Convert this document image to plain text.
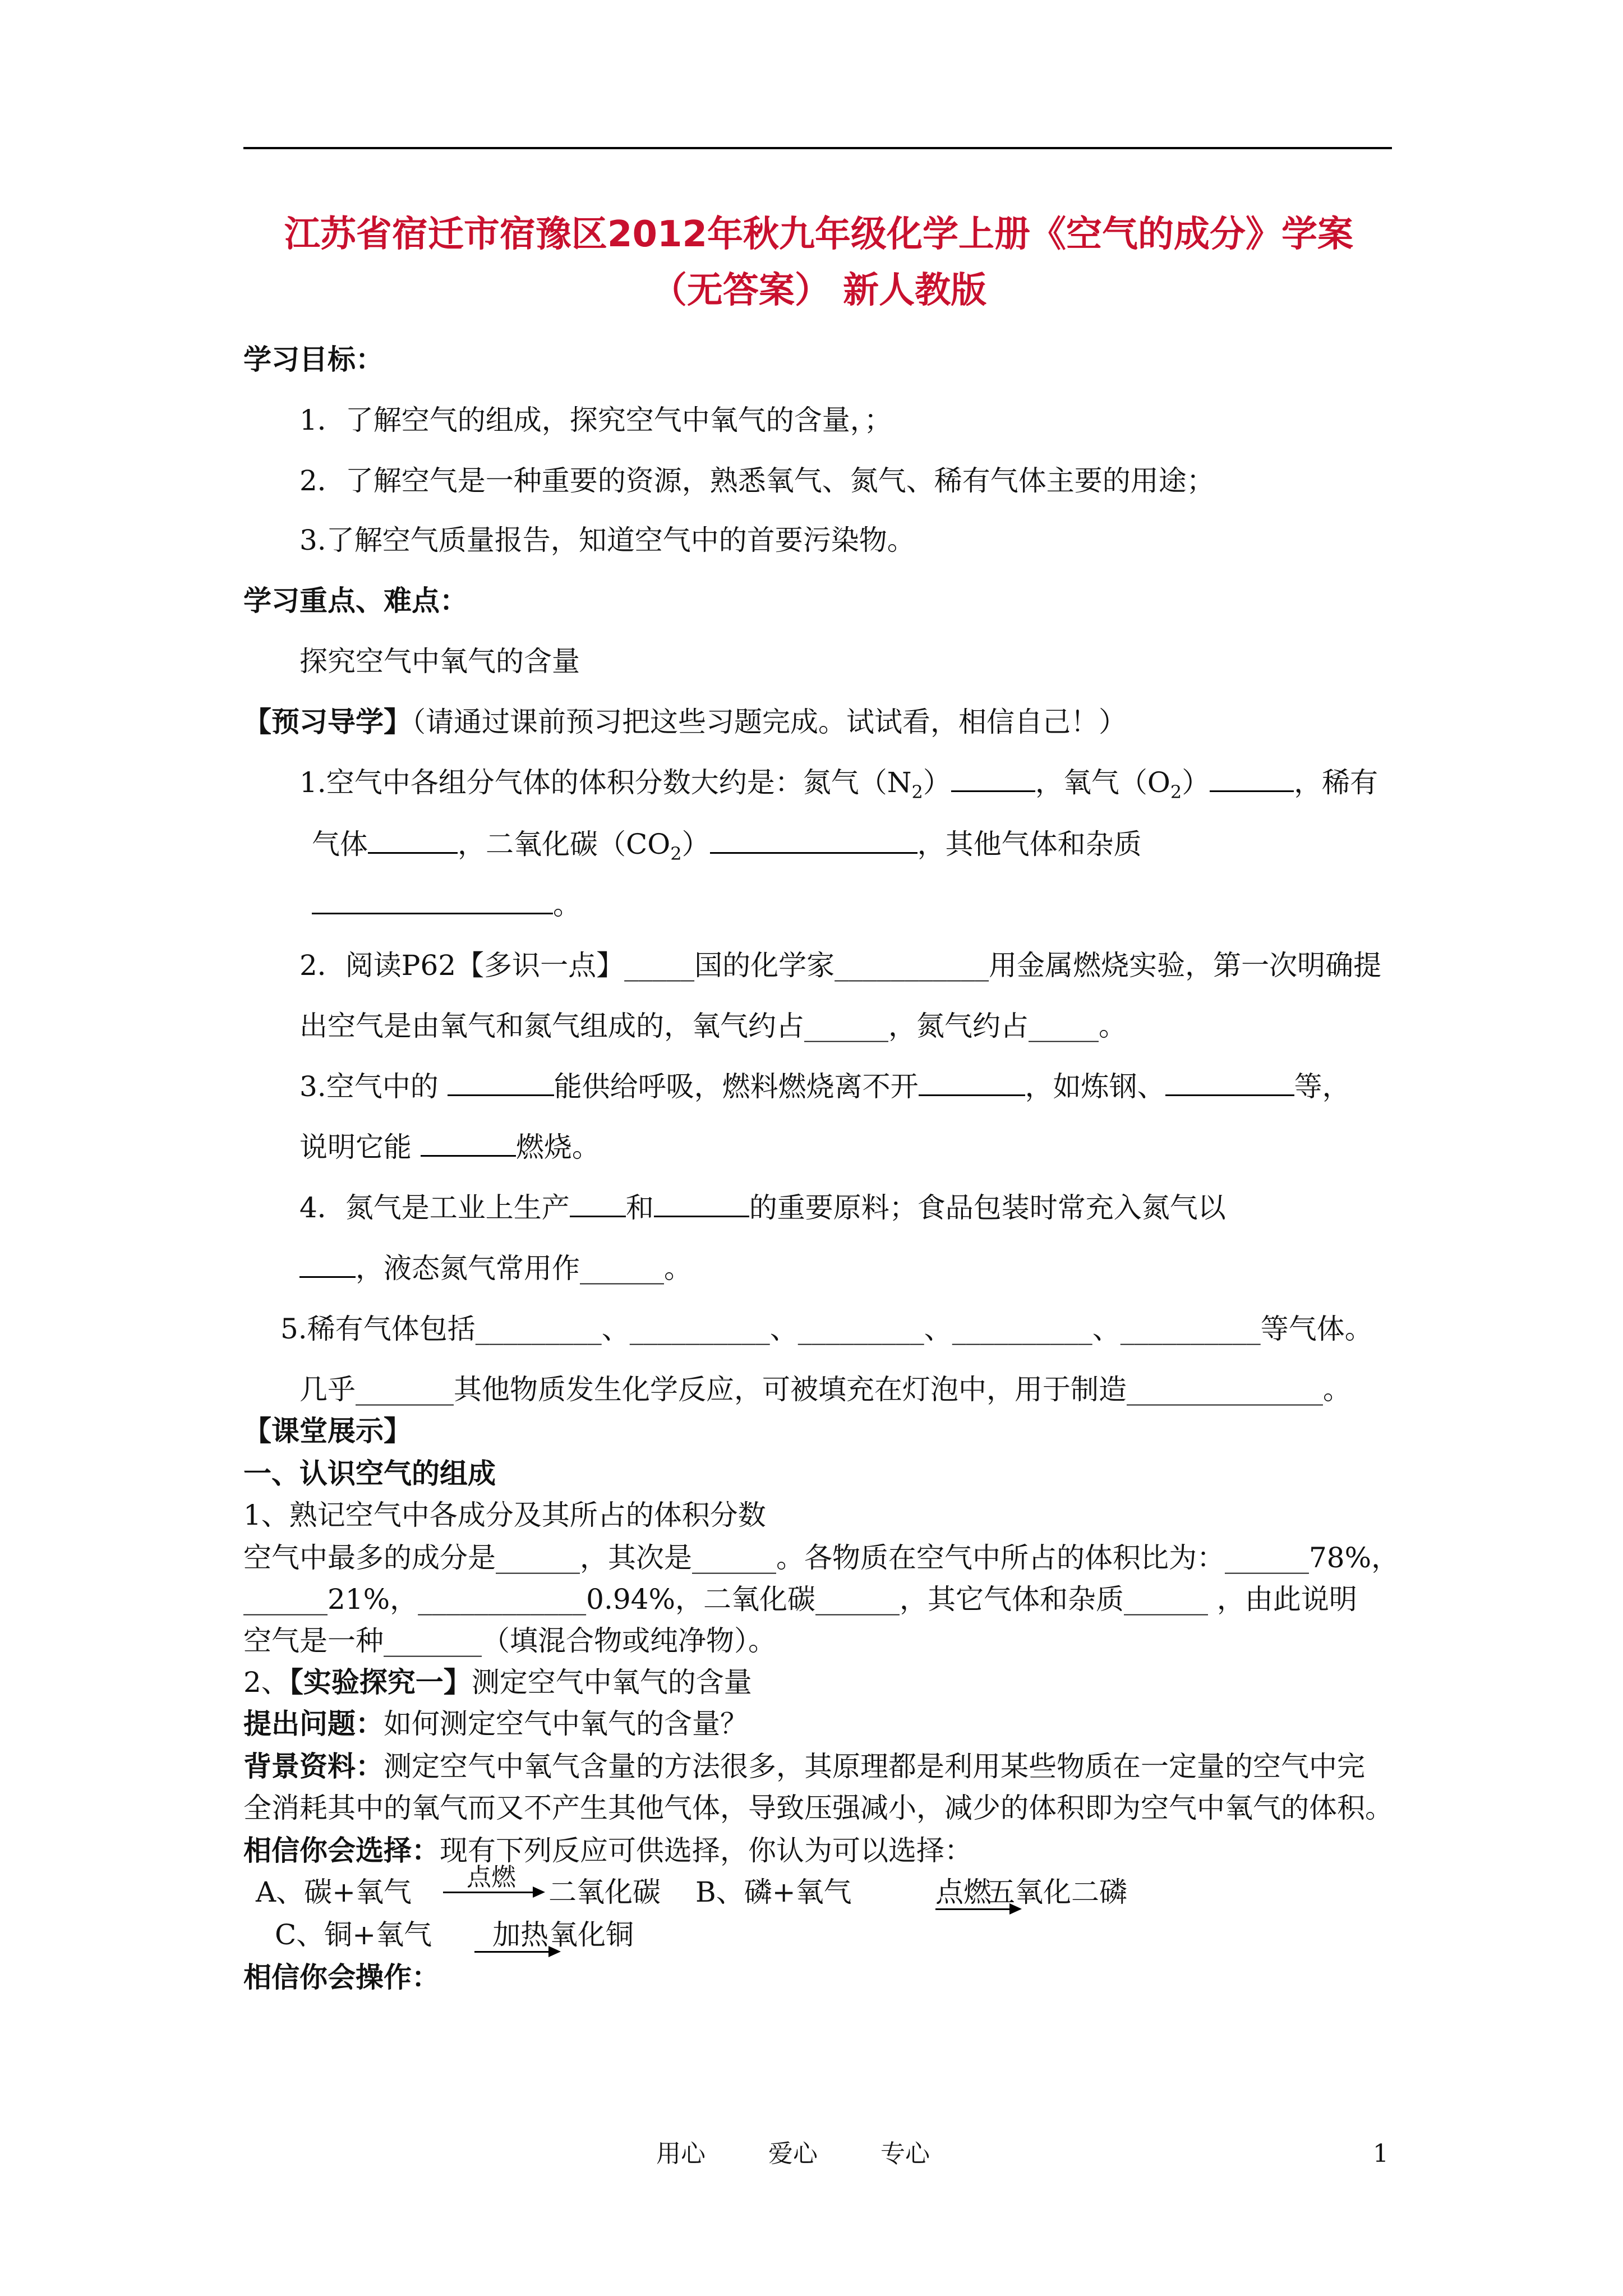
江苏省宿迁市宿豫区2012年秋九年级化学上册《空气的成分》学案
（无答案） 新人教版
学习目标：
1．了解空气的组成，探究空气中氧气的含量，；
2．了解空气是一种重要的资源，熟悉氧气、氮气、稀有气体主要的用途；
3.了解空气质量报告，知道空气中的首要污染物。
学习重点、难点：
探究空气中氧气的含量
【预习导学】（请通过课前预习把这些习题完成。试试看，相信自己！）
1.空气中各组分气体的体积分数大约是：氮气$(N_2)$	，氧气$(O_2)$	，稀有
气体	，二氧化碳$(CO_2)$	，其他气体和杂质
。
2．阅读P62【多识一点】_____国的化学家___________用金属燃烧实验，第一次明确提
出空气是由氧气和氮气组成的，氧气约占______，氮气约占_____。
3.空气中的	能供给呼吸，燃料燃烧离不开	，如炼钢、	等，
说明它能	燃烧。
4．氮气是工业上生产 和	的重要原料；食品包装时常充入氮气以
，液态氮气常用作______。
5.稀有气体包括_________、__________、_________、__________、__________等气体。
几乎_______其他物质发生化学反应，可被填充在灯泡中，用于制造______________。
【课堂展示】
一、认识空气的组成
1、熟记空气中各成分及其所占的体积分数
空气中最多的成分是______，其次是______。各物质在空气中所占的体积比为：______78%，
______21%，____________0.94%，二氧化碳______，其它气体和杂质______ ，由此说明
空气是一种_______（填混合物或纯净物）。
2、【实验探究一】测定空气中氧气的含量
提出问题：如何测定空气中氧气的含量？
背景资料：测定空气中氧气含量的方法很多，其原理都是利用某些物质在一定量的空气中完
全消耗其中的氧气而又不产生其他气体，导致压强减小，减少的体积即为空气中氧气的体积。
相信你会选择：现有下列反应可供选择，你认为可以选择：
A、碳+氧气 点燃 二氧化碳 B、磷+氧气	点燃
五氧化二磷
C、铜+氧气 加热 氧化铜
相信你会操作：
用心	爱心	专心	1
